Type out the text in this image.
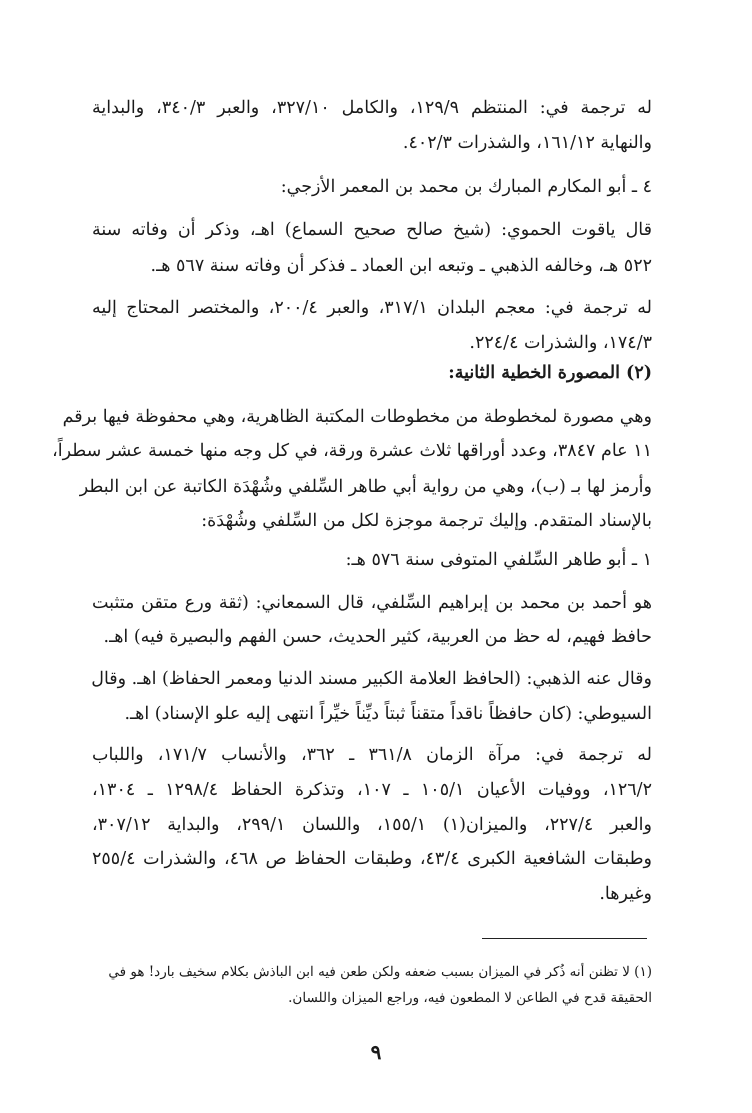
له ترجمة في: المنتظم ١٢٩/٩، والكامل ٣٢٧/١٠، والعبر ٣٤٠/٣، والبداية
والنهاية ١٦١/١٢، والشذرات ٤٠٢/٣.
٤ ـ أبو المكارم المبارك بن محمد بن المعمر الأزجي:
قال ياقوت الحموي: (شيخ صالح صحيح السماع) اهـ، وذكر أن وفاته سنة
٥٢٢ هـ، وخالفه الذهبي ـ وتبعه ابن العماد ـ فذكر أن وفاته سنة ٥٦٧ هـ.
له ترجمة في: معجم البلدان ٣١٧/١، والعبر ٢٠٠/٤، والمختصر المحتاج إليه
١٧٤/٣، والشذرات ٢٢٤/٤.
(٢) المصورة الخطية الثانية:
وهي مصورة لمخطوطة من مخطوطات المكتبة الظاهرية، وهي محفوظة فيها برقم
١١ عام ٣٨٤٧، وعدد أوراقها ثلاث عشرة ورقة، في كل وجه منها خمسة عشر سطراً،
وأرمز لها بـ (ب)، وهي من رواية أبي طاهر السِّلفي وشُهْدَة الكاتبة عن ابن البطر
بالإسناد المتقدم. وإليك ترجمة موجزة لكل من السِّلفي وشُهْدَة:
١ ـ أبو طاهر السِّلفي المتوفى سنة ٥٧٦ هـ:
هو أحمد بن محمد بن إبراهيم السِّلفي، قال السمعاني: (ثقة ورع متقن متثبت
حافظ فهيم، له حظ من العربية، كثير الحديث، حسن الفهم والبصيرة فيه) اهـ.
وقال عنه الذهبي: (الحافظ العلامة الكبير مسند الدنيا ومعمر الحفاظ) اهـ. وقال
السيوطي: (كان حافظاً ناقداً متقناً ثبتاً ديِّناً خيِّراً انتهى إليه علو الإسناد) اهـ.
له ترجمة في: مرآة الزمان ٣٦١/٨ ـ ٣٦٢، والأنساب ١٧١/٧، واللباب
١٢٦/٢، ووفيات الأعيان ١٠٥/١ ـ ١٠٧، وتذكرة الحفاظ ١٢٩٨/٤ ـ ١٣٠٤،
والعبر ٢٢٧/٤، والميزان(١) ١٥٥/١، واللسان ٢٩٩/١، والبداية ٣٠٧/١٢،
وطبقات الشافعية الكبرى ٤٣/٤، وطبقات الحفاظ ص ٤٦٨، والشذرات ٢٥٥/٤
وغيرها.
(١) لا تظنن أنه ذُكر في الميزان بسبب ضعفه ولكن طعن فيه ابن الباذش بكلام سخيف بارد! هو في
الحقيقة قدح في الطاعن لا المطعون فيه، وراجع الميزان واللسان.
٩
